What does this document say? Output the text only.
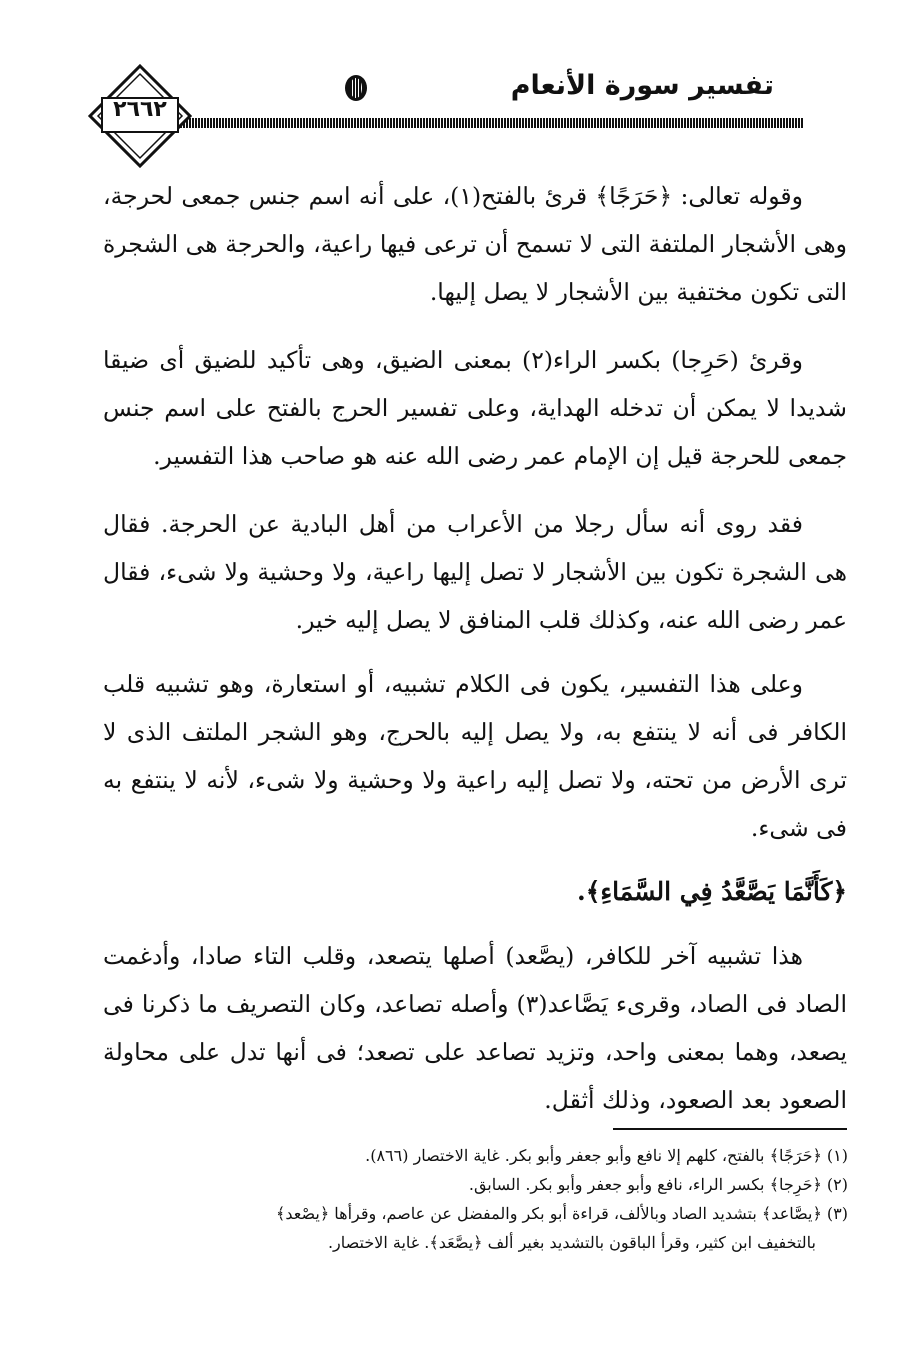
تفسير سورة الأنعام
٢٦٦٢

وقوله تعالى: ﴿حَرَجًا﴾ قرئ بالفتح(١)، على أنه اسم جنس جمعى لحرجة، وهى الأشجار الملتفة التى لا تسمح أن ترعى فيها راعية، والحرجة هى الشجرة التى تكون مختفية بين الأشجار لا يصل إليها.

وقرئ (حَرِجا) بكسر الراء(٢) بمعنى الضيق، وهى تأكيد للضيق أى ضيقا شديدا لا يمكن أن تدخله الهداية، وعلى تفسير الحرج بالفتح على اسم جنس جمعى للحرجة قيل إن الإمام عمر رضى الله عنه هو صاحب هذا التفسير.

فقد روى أنه سأل رجلا من الأعراب من أهل البادية عن الحرجة. فقال هى الشجرة تكون بين الأشجار لا تصل إليها راعية، ولا وحشية ولا شىء، فقال عمر رضى الله عنه، وكذلك قلب المنافق لا يصل إليه خير.

وعلى هذا التفسير، يكون فى الكلام تشبيه، أو استعارة، وهو تشبيه قلب الكافر فى أنه لا ينتفع به، ولا يصل إليه بالحرج، وهو الشجر الملتف الذى لا ترى الأرض من تحته، ولا تصل إليه راعية ولا وحشية ولا شىء، لأنه لا ينتفع به فى شىء.

﴿كَأَنَّمَا يَصَّعَّدُ فِي السَّمَاءِ﴾.

هذا تشبيه آخر للكافر، (يصَّعد) أصلها يتصعد، وقلب التاء صادا، وأدغمت الصاد فى الصاد، وقرىء يَصَّاعد(٣) وأصله تصاعد، وكان التصريف ما ذكرنا فى يصعد، وهما بمعنى واحد، وتزيد تصاعد على تصعد؛ فى أنها تدل على محاولة الصعود بعد الصعود، وذلك أثقل.

(١) ﴿حَرَجًا﴾ بالفتح، كلهم إلا نافع وأبو جعفر وأبو بكر. غاية الاختصار (٨٦٦).

(٢) ﴿حَرِجا﴾ بكسر الراء، نافع وأبو جعفر وأبو بكر. السابق.

(٣) ﴿يصَّاعد﴾ بتشديد الصاد وبالألف، قراءة أبو بكر والمفضل عن عاصم، وقرأها ﴿يصْعد﴾

بالتخفيف ابن كثير، وقرأ الباقون بالتشديد بغير ألف ﴿يصَّعَد﴾. غاية الاختصار.
